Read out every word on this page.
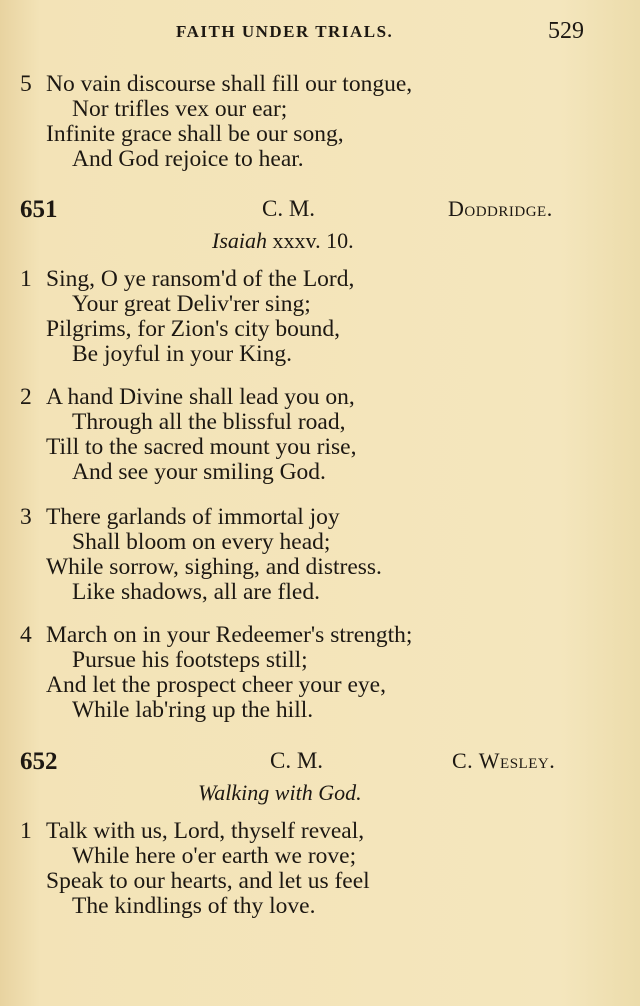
FAITH UNDER TRIALS.	529
5 No vain discourse shall fill our tongue,
Nor trifles vex our ear;
Infinite grace shall be our song,
And God rejoice to hear.
651	C. M.	Doddridge.
Isaiah xxxv. 10.
1 Sing, O ye ransom'd of the Lord,
Your great Deliv'rer sing;
Pilgrims, for Zion's city bound,
Be joyful in your King.
2 A hand Divine shall lead you on,
Through all the blissful road,
Till to the sacred mount you rise,
And see your smiling God.
3 There garlands of immortal joy
Shall bloom on every head;
While sorrow, sighing, and distress.
Like shadows, all are fled.
4 March on in your Redeemer's strength;
Pursue his footsteps still;
And let the prospect cheer your eye,
While lab'ring up the hill.
652	C. M.	C. Wesley.
Walking with God.
1 Talk with us, Lord, thyself reveal,
While here o'er earth we rove;
Speak to our hearts, and let us feel
The kindlings of thy love.
